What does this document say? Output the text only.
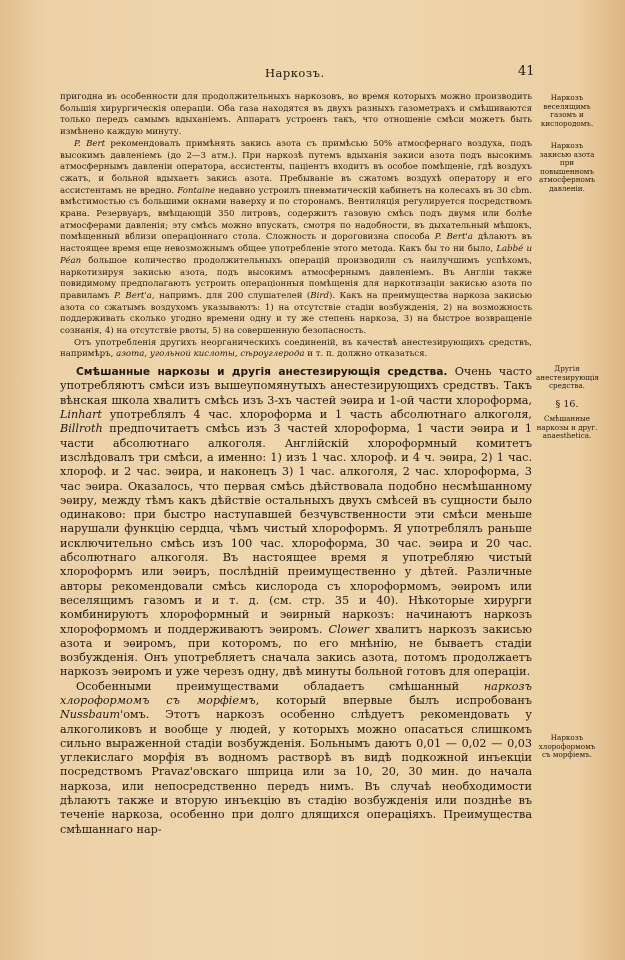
Наркозъ.	41

пригодна въ особенности для продолжительныхъ наркозовъ, во время которыхъ можно производить большія хирургическія операціи. Оба газа находятся въ двухъ разныхъ газометрахъ и смѣшиваются только передъ самымъ вдыханіемъ. Аппаратъ устроенъ такъ, что отношеніе смѣси можетъ быть измѣнено каждую минуту.

P. Bert рекомендовалъ примѣнять закись азота съ примѣсью 50% атмосфернаго воздуха, подъ высокимъ давленіемъ (до 2—3 атм.). При наркозѣ путемъ вдыханія закиси азота подъ высокимъ атмосфернымъ давленіи оператора, ассистенты, паціентъ входитъ въ особое помѣщеніе, гдѣ воздухъ сжатъ, и больной вдыхаетъ закись азота. Пребываніе въ сжатомъ воздухѣ оператору и его ассистентамъ не вредно. Fontaine недавно устроилъ пневматическій кабинетъ на колесахъ въ 30 cbm. вмѣстимостью съ большими окнами наверху и по сторонамъ. Вентиляція регулируется посредствомъ крана. Резервуаръ, вмѣщающій 350 литровъ, содержитъ газовую смѣсь подъ двумя или болѣе атмосферами давленія; эту смѣсь можно впускать, смотря по надобности, въ дыхательный мѣшокъ, помѣщенный вблизи операціоннаго стола. Сложность и дороговизна способа P. Bert'а дѣлаютъ въ настоящее время еще невозможнымъ общее употребленіе этого метода. Какъ бы то ни было, Labbé и Péan большое количество продолжительныхъ операцій производили съ наилучшимъ успѣхомъ, наркотизируя закисью азота, подъ высокимъ атмосфернымъ давленіемъ. Въ Англіи также повидимому предполагаютъ устроить операціонныя помѣщенія для наркотизаціи закисью азота по правиламъ P. Bert'а, напримъ. для 200 слушателей (Bird). Какъ на преимущества наркоза закисью азота со сжатымъ воздухомъ указываютъ: 1) на отсутствіе стадіи возбужденія, 2) на возможность поддерживать сколько угодно времени одну и ту же степень наркоза, 3) на быстрое возвращеніе сознанія, 4) на отсутствіе рвоты, 5) на совершенную безопасность.

Отъ употребленія другихъ неорганическихъ соединеній, въ качествѣ анестезирующихъ средствъ, напримѣръ, азота, угольной кислоты, сѣроуглерода и т. п. должно отказаться.

Смѣшанные наркозы и другія анестезирующія средства. Очень часто употребляютъ смѣси изъ вышеупомянутыхъ анестезирующихъ средствъ. Такъ вѣнская школа хвалитъ смѣсь изъ 3-хъ частей эѳира и 1-ой части хлороформа, Linhart употреблялъ 4 час. хлороформа и 1 часть абсолютнаго алкоголя, Billroth предпочитаетъ смѣсь изъ 3 частей хлороформа, 1 части эѳира и 1 части абсолютнаго алкоголя. Англійскій хлороформный комитетъ изслѣдовалъ три смѣси, а именно: 1) изъ 1 час. хлороф. и 4 ч. эѳира, 2) 1 час. хлороф. и 2 час. эѳира, и наконецъ 3) 1 час. алкоголя, 2 час. хлороформа, 3 час эѳира. Оказалось, что первая смѣсь дѣйствовала подобно несмѣшанному эѳиру, между тѣмъ какъ дѣйствіе остальныхъ двухъ смѣсей въ сущности было одинаково: при быстро наступавшей безчувственности эти смѣси меньше нарушали функцію сердца, чѣмъ чистый хлороформъ. Я употреблялъ раньше исключительно смѣсь изъ 100 час. хлороформа, 30 час. эѳира и 20 час. абсолютнаго алкоголя. Въ настоящее время я употребляю чистый хлороформъ или эѳиръ, послѣдній преимущественно у дѣтей. Различные авторы рекомендовали смѣсь кислорода съ хлороформомъ, эѳиромъ или веселящимъ газомъ и и т. д. (см. стр. 35 и 40). Нѣкоторые хирурги комбинируютъ хлороформный и эѳирный наркозъ: начинаютъ наркозъ хлороформомъ и поддерживаютъ эѳиромъ. Clower хвалитъ наркозъ закисью азота и эѳиромъ, при которомъ, по его мнѣнію, не бываетъ стадіи возбужденія. Онъ употребляетъ сначала закись азота, потомъ продолжаетъ наркозъ эѳиромъ и уже черезъ одну, двѣ минуты больной готовъ для операціи.

Особенными преимуществами обладаетъ смѣшанный наркозъ хлороформомъ съ морфіемъ, который впервые былъ испробованъ Nussbaum'омъ. Этотъ наркозъ особенно слѣдуетъ рекомендовать у алкоголиковъ и вообще у людей, у которыхъ можно опасаться слишкомъ сильно выраженной стадіи возбужденія. Больнымъ даютъ 0,01 — 0,02 — 0,03 углекислаго морфія въ водномъ растворѣ въ видѣ подкожной инъекціи посредствомъ Pravaz'овскаго шприца или за 10, 20, 30 мин. до начала наркоза, или непосредственно передъ нимъ. Въ случаѣ необходимости дѣлаютъ также и вторую инъекцію въ стадію возбужденія или позднѣе въ теченіе наркоза, особенно при долго длящихся операціяхъ. Преимущества смѣшаннаго нар-

Наркозъ веселящимъ газомъ и кислородомъ.
Наркозъ закисью азота при повышенномъ атмосферномъ давленіи.
Другія анестезирующія средства.
§ 16.
Смѣшанные наркозы и друг. anaesthetica.
Наркозъ хлороформомъ съ морфіемъ.
